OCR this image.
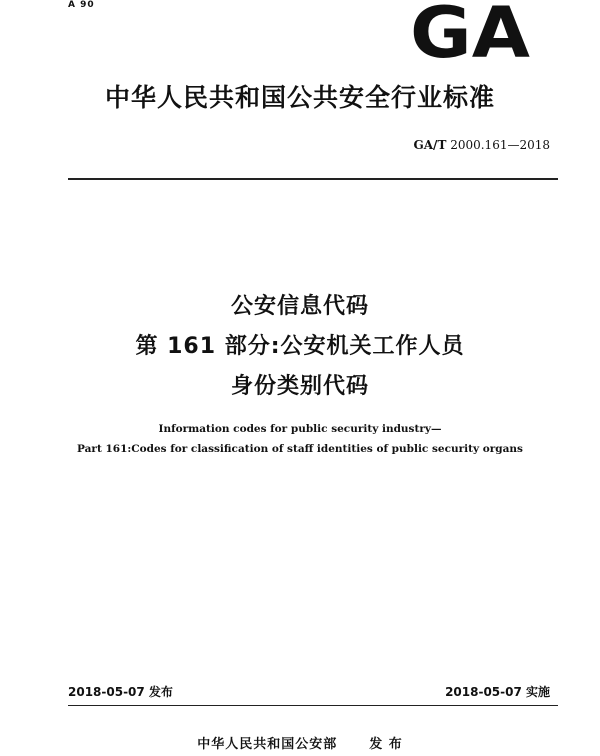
A 90	GA
中华人民共和国公共安全行业标准
GA/T 2000.161—2018
公安信息代码
第 161 部分:公安机关工作人员
身份类别代码
Information codes for public security industry—
Part 161:Codes for classification of staff identities of public security organs
2018-05-07 发布	2018-05-07 实施
中华人民共和国公安部 发 布
